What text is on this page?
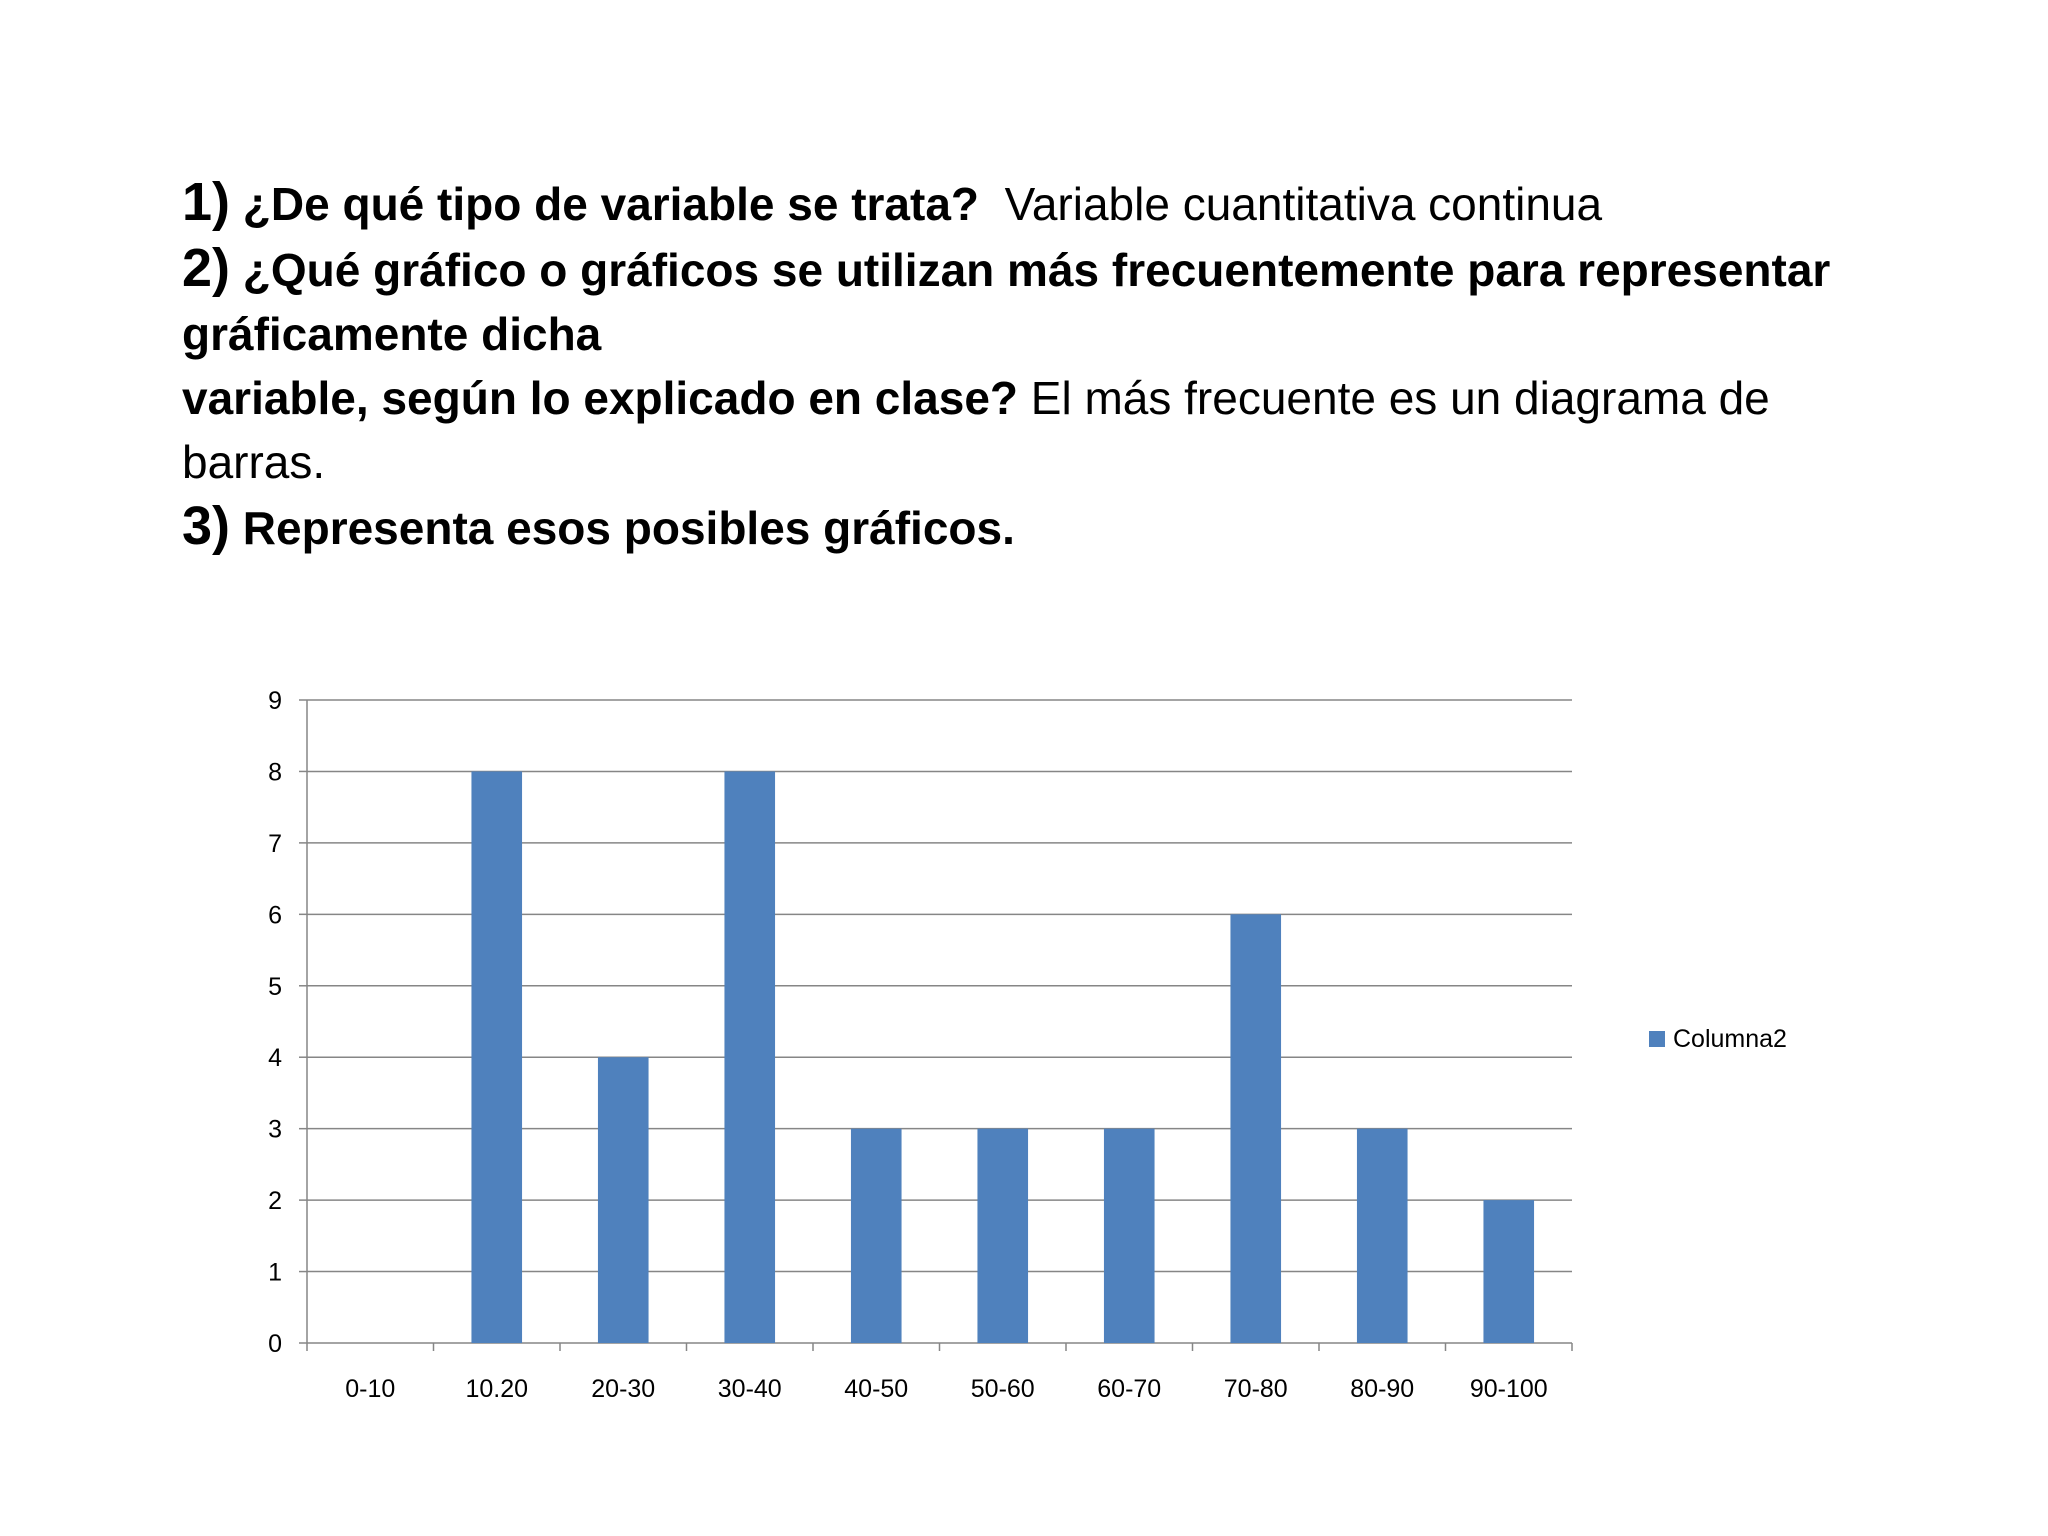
1) ¿De qué tipo de variable se trata? Variable cuantitativa continua

2) ¿Qué gráfico o gráficos se utilizan más frecuentemente para representar

gráficamente dicha

variable, según lo explicado en clase? El más frecuente es un diagrama de

barras.

3) Representa esos posibles gráficos.

0
1
2
3
4
5
6
7
8
9
0-10	10.20	20-30	30-40	40-50	50-60	60-70	70-80	80-90 90-100
Columna2
